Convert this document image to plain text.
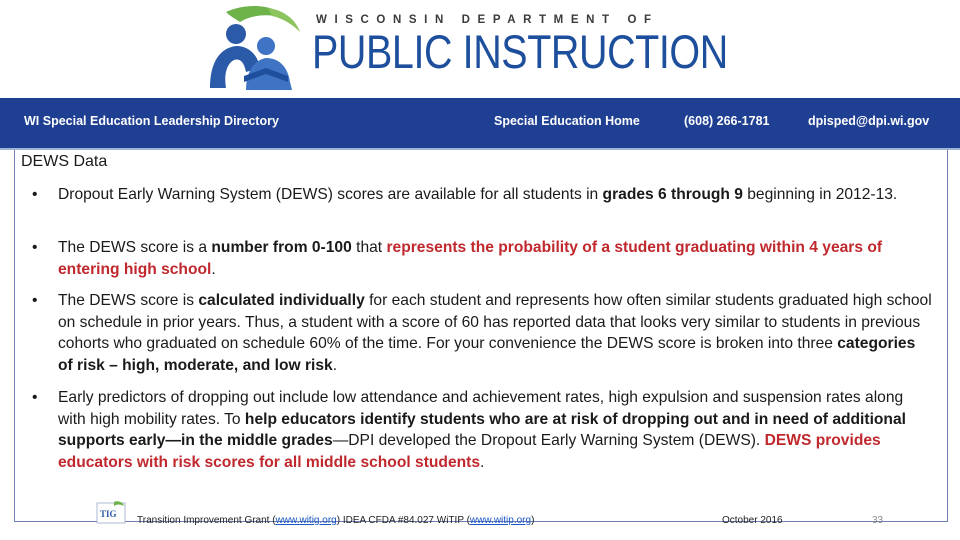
WISCONSIN DEPARTMENT OF
PUBLIC INSTRUCTION
WI Special Education Leadership Directory	Special Education Home	(608) 266-1781	dpisped@dpi.wi.gov
DEWS Data
• Dropout Early Warning System (DEWS) scores are available for all students in grades 6 through 9 beginning in 2012-13.
• The DEWS score is a number from 0-100 that represents the probability of a student graduating within 4 years of entering high school.
• The DEWS score is calculated individually for each student and represents how often similar students graduated high school on schedule in prior years. Thus, a student with a score of 60 has reported data that looks very similar to students in previous cohorts who graduated on schedule 60% of the time. For your convenience the DEWS score is broken into three categories of risk – high, moderate, and low risk.
• Early predictors of dropping out include low attendance and achievement rates, high expulsion and suspension rates along with high mobility rates. To help educators identify students who are at risk of dropping out and in need of additional supports early—in the middle grades—DPI developed the Dropout Early Warning System (DEWS). DEWS provides educators with risk scores for all middle school students.
TIG
Transition Improvement Grant (www.witig.org) IDEA CFDA #84.027 WiTIP (www.witip.org)	October 2016	33
